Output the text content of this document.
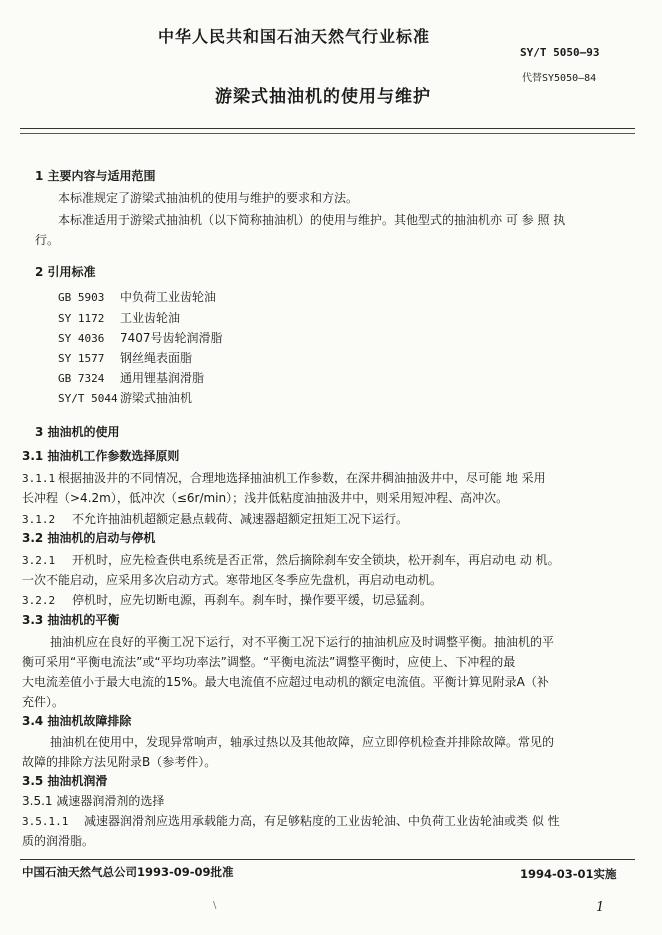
中华人民共和国石油天然气行业标准
SY/T 5050—93
代替SY5050—84
游梁式抽油机的使用与维护
1 主要内容与适用范围
本标准规定了游梁式抽油机的使用与维护的要求和方法。
本标准适用于游梁式抽油机（以下简称抽油机）的使用与维护。其他型式的抽油机亦 可 参 照 执
行。
2 引用标准
GB 5903 中负荷工业齿轮油
SY 1172 工业齿轮油
SY 4036 7407号齿轮润滑脂
SY 1577 钢丝绳表面脂
GB 7324 通用锂基润滑脂
SY/T 5044 游梁式抽油机
3 抽油机的使用
3.1 抽油机工作参数选择原则
3.1.1 根据抽汲井的不同情况，合理地选择抽油机工作参数，在深井稠油抽汲井中，尽可能 地 采用
长冲程（>4.2m），低冲次（≤6r/min）；浅井低粘度油抽汲井中，则采用短冲程、高冲次。
3.1.2 不允许抽油机超额定悬点载荷、减速器超额定扭矩工况下运行。
3.2 抽油机的启动与停机
3.2.1 开机时，应先检查供电系统是否正常，然后摘除刹车安全锁块，松开刹车，再启动电 动 机。
一次不能启动，应采用多次启动方式。寒带地区冬季应先盘机，再启动电动机。
3.2.2 停机时，应先切断电源，再刹车。刹车时，操作要平缓，切忌猛刹。
3.3 抽油机的平衡
抽油机应在良好的平衡工况下运行，对不平衡工况下运行的抽油机应及时调整平衡。抽油机的平
衡可采用“平衡电流法”或“平均功率法”调整。“平衡电流法”调整平衡时，应使上、下冲程的最
大电流差值小于最大电流的15%。最大电流值不应超过电动机的额定电流值。平衡计算见附录A（补
充件）。
3.4 抽油机故障排除
抽油机在使用中，发现异常响声，轴承过热以及其他故障，应立即停机检查并排除故障。常见的
故障的排除方法见附录B（参考件）。
3.5 抽油机润滑
3.5.1 减速器润滑剂的选择
3.5.1.1 减速器润滑剂应选用承载能力高，有足够粘度的工业齿轮油、中负荷工业齿轮油或类 似 性
质的润滑脂。
中国石油天然气总公司1993-09-09批准	1994-03-01实施
\	1
